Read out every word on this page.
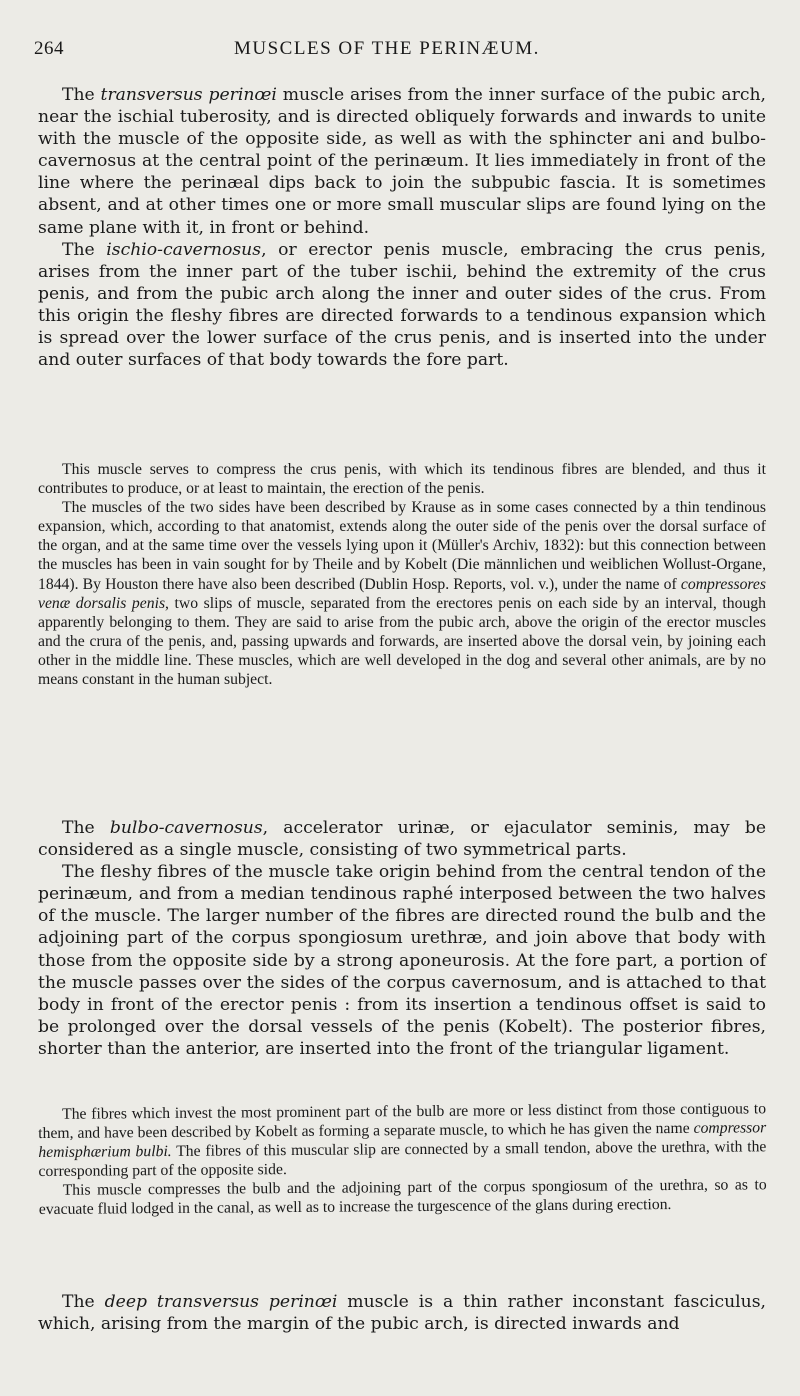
264	MUSCLES OF THE PERINÆUM.

The transversus perinœi muscle arises from the inner surface of the pubic arch, near the ischial tuberosity, and is directed obliquely forwards and inwards to unite with the muscle of the opposite side, as well as with the sphincter ani and bulbo-cavernosus at the central point of the perinæum. It lies immediately in front of the line where the perinæal dips back to join the subpubic fascia. It is sometimes absent, and at other times one or more small muscular slips are found lying on the same plane with it, in front or behind.

The ischio-cavernosus, or erector penis muscle, embracing the crus penis, arises from the inner part of the tuber ischii, behind the extremity of the crus penis, and from the pubic arch along the inner and outer sides of the crus. From this origin the fleshy fibres are directed forwards to a tendinous expansion which is spread over the lower surface of the crus penis, and is inserted into the under and outer surfaces of that body towards the fore part.

This muscle serves to compress the crus penis, with which its tendinous fibres are blended, and thus it contributes to produce, or at least to maintain, the erection of the penis.

The muscles of the two sides have been described by Krause as in some cases connected by a thin tendinous expansion, which, according to that anatomist, extends along the outer side of the penis over the dorsal surface of the organ, and at the same time over the vessels lying upon it (Müller's Archiv, 1832): but this connection between the muscles has been in vain sought for by Theile and by Kobelt (Die männlichen und weiblichen Wollust-Organe, 1844). By Houston there have also been described (Dublin Hosp. Reports, vol. v.), under the name of compressores venæ dorsalis penis, two slips of muscle, separated from the erectores penis on each side by an interval, though apparently belonging to them. They are said to arise from the pubic arch, above the origin of the erector muscles and the crura of the penis, and, passing upwards and forwards, are inserted above the dorsal vein, by joining each other in the middle line. These muscles, which are well developed in the dog and several other animals, are by no means constant in the human subject.

The bulbo-cavernosus, accelerator urinæ, or ejaculator seminis, may be considered as a single muscle, consisting of two symmetrical parts.

The fleshy fibres of the muscle take origin behind from the central tendon of the perinæum, and from a median tendinous raphé interposed between the two halves of the muscle. The larger number of the fibres are directed round the bulb and the adjoining part of the corpus spongiosum urethræ, and join above that body with those from the opposite side by a strong aponeurosis. At the fore part, a portion of the muscle passes over the sides of the corpus cavernosum, and is attached to that body in front of the erector penis : from its insertion a tendinous offset is said to be prolonged over the dorsal vessels of the penis (Kobelt). The posterior fibres, shorter than the anterior, are inserted into the front of the triangular ligament.

The fibres which invest the most prominent part of the bulb are more or less distinct from those contiguous to them, and have been described by Kobelt as forming a separate muscle, to which he has given the name compressor hemisphærium bulbi. The fibres of this muscular slip are connected by a small tendon, above the urethra, with the corresponding part of the opposite side.

This muscle compresses the bulb and the adjoining part of the corpus spongiosum of the urethra, so as to evacuate fluid lodged in the canal, as well as to increase the turgescence of the glans during erection.

The deep transversus perinœi muscle is a thin rather inconstant fasciculus, which, arising from the margin of the pubic arch, is directed inwards and
